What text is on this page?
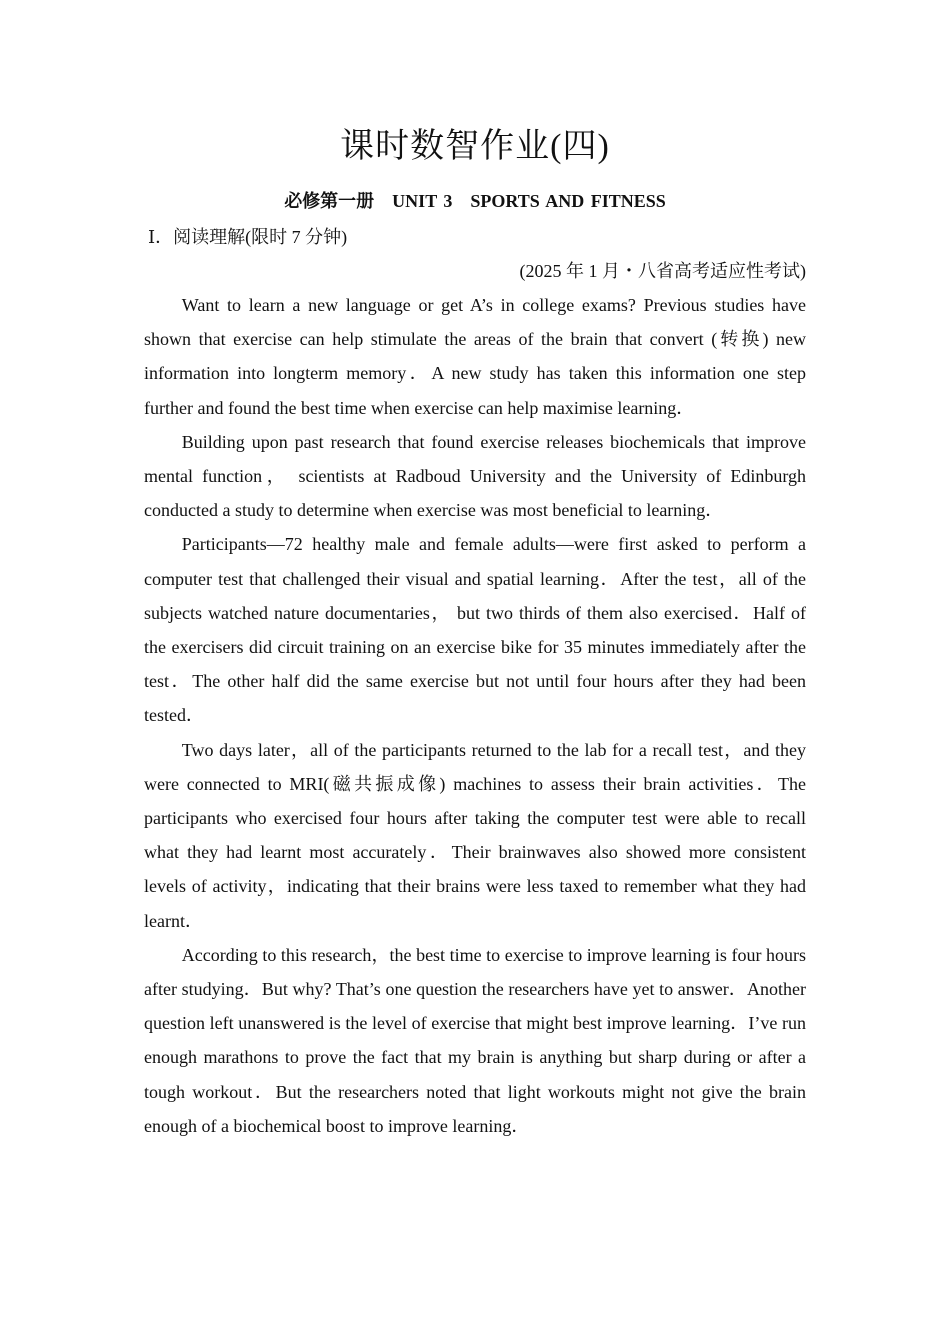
课时数智作业(四)
必修第一册　UNIT 3　SPORTS AND FITNESS
Ⅰ．阅读理解(限时 7 分钟)
(2025 年 1 月・八省高考适应性考试)

Want to learn a new language or get A’s in college exams? Previous studies have shown that exercise can help stimulate the areas of the brain that convert (转换) new information into longterm memory．A new study has taken this information one step further and found the best time when exercise can help maximise learning．

Building upon past research that found exercise releases biochemicals that improve mental function， scientists at Radboud University and the University of Edinburgh conducted a study to determine when exercise was most beneficial to learning．

Participants—72 healthy male and female adults—were first asked to perform a computer test that challenged their visual and spatial learning．After the test，all of the subjects watched nature documentaries， but two thirds of them also exercised．Half of the exercisers did circuit training on an exercise bike for 35 minutes immediately after the test．The other half did the same exercise but not until four hours after they had been tested．

Two days later，all of the participants returned to the lab for a recall test，and they were connected to MRI(磁共振成像) machines to assess their brain activities．The participants who exercised four hours after taking the computer test were able to recall what they had learnt most accurately．Their brainwaves also showed more consistent levels of activity，indicating that their brains were less taxed to remember what they had learnt．

According to this research，the best time to exercise to improve learning is four hours after studying．But why? That’s one question the researchers have yet to answer．Another question left unanswered is the level of exercise that might best improve learning．I’ve run enough marathons to prove the fact that my brain is anything but sharp during or after a tough workout．But the researchers noted that light workouts might not give the brain enough of a biochemical boost to improve learning．
